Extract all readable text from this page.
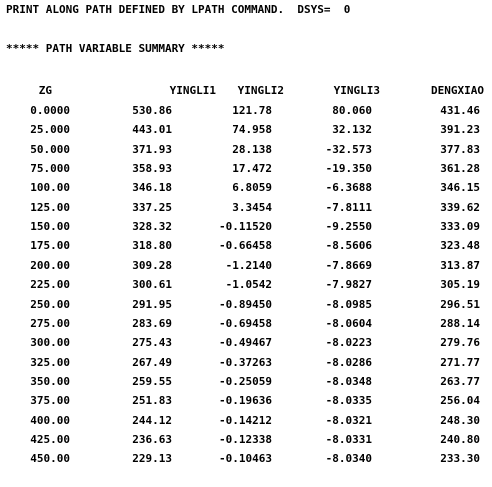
PRINT ALONG PATH DEFINED BY LPATH COMMAND.  DSYS=  0
***** PATH VARIABLE SUMMARY *****
ZG	YINGLI1	YINGLI2	YINGLI3	DENGXIAO
0.0000	530.86	121.78	80.060	431.46
25.000	443.01	74.958	32.132	391.23
50.000	371.93	28.138	-32.573	377.83
75.000	358.93	17.472	-19.350	361.28
100.00	346.18	6.8059	-6.3688	346.15
125.00	337.25	3.3454	-7.8111	339.62
150.00	328.32	-0.11520	-9.2550	333.09
175.00	318.80	-0.66458	-8.5606	323.48
200.00	309.28	-1.2140	-7.8669	313.87
225.00	300.61	-1.0542	-7.9827	305.19
250.00	291.95	-0.89450	-8.0985	296.51
275.00	283.69	-0.69458	-8.0604	288.14
300.00	275.43	-0.49467	-8.0223	279.76
325.00	267.49	-0.37263	-8.0286	271.77
350.00	259.55	-0.25059	-8.0348	263.77
375.00	251.83	-0.19636	-8.0335	256.04
400.00	244.12	-0.14212	-8.0321	248.30
425.00	236.63	-0.12338	-8.0331	240.80
450.00	229.13	-0.10463	-8.0340	233.30
